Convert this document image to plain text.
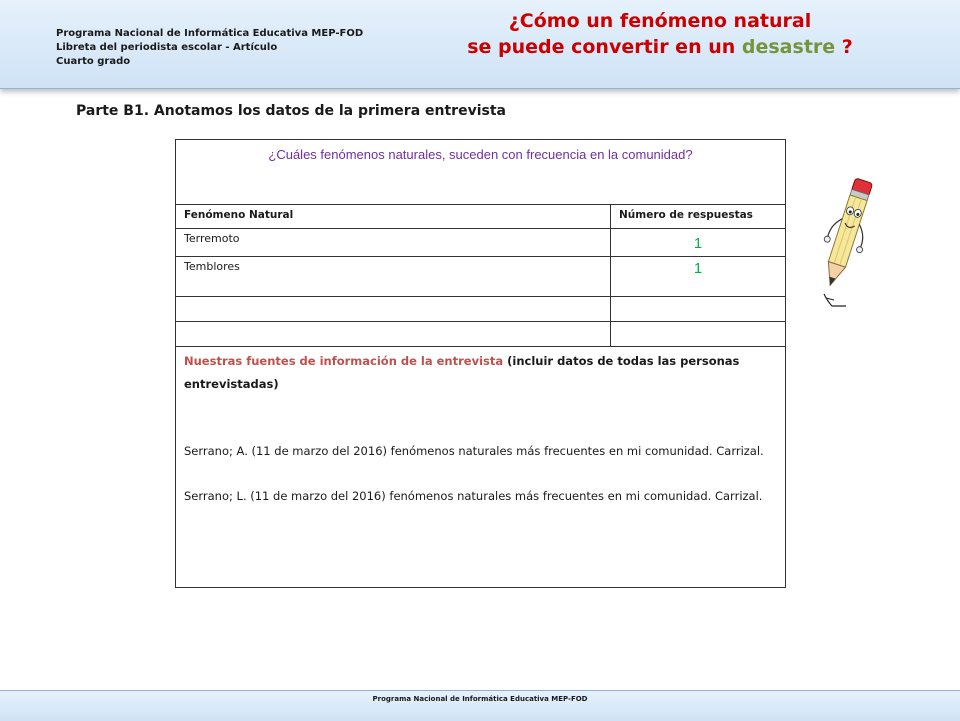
Programa Nacional de Informática Educativa MEP-FOD
Libreta del periodista escolar - Artículo
Cuarto grado
¿Cómo un fenómeno natural
se puede convertir en un desastre ?
Parte B1. Anotamos los datos de la primera entrevista
¿Cuáles fenómenos naturales, suceden con frecuencia en la comunidad?
Fenómeno Natural	Número de respuestas
Terremoto	1
Temblores	1

Nuestras fuentes de información de la entrevista (incluir datos de todas las personas entrevistadas)

Serrano; A. (11 de marzo del 2016) fenómenos naturales más frecuentes en mi comunidad. Carrizal.

Serrano; L. (11 de marzo del 2016) fenómenos naturales más frecuentes en mi comunidad. Carrizal.

Programa Nacional de Informática Educativa MEP-FOD
